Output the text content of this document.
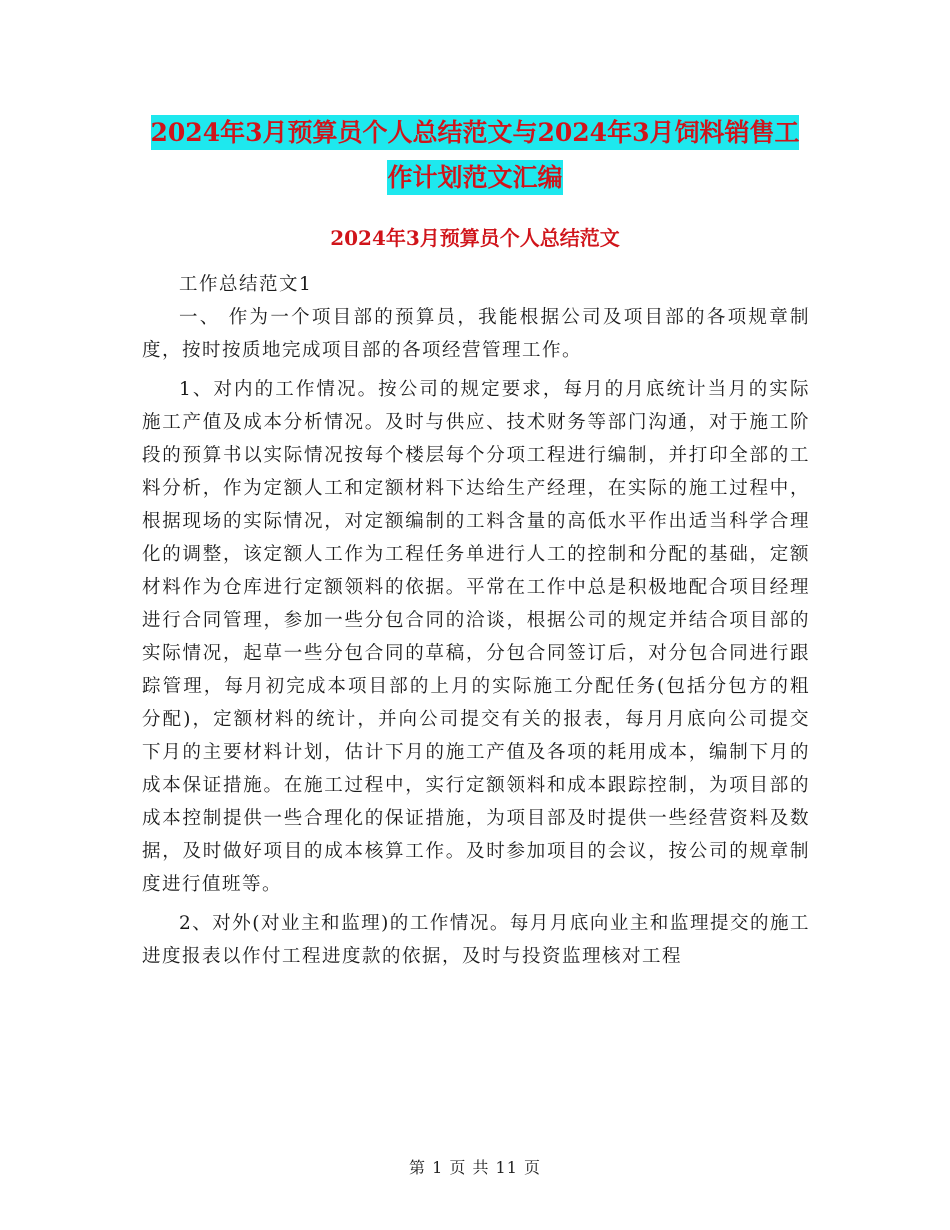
2024年3月预算员个人总结范文与2024年3月饲料销售工作计划范文汇编
2024年3月预算员个人总结范文

工作总结范文1

一、 作为一个项目部的预算员，我能根据公司及项目部的各项规章制度，按时按质地完成项目部的各项经营管理工作。

1、对内的工作情况。按公司的规定要求，每月的月底统计当月的实际施工产值及成本分析情况。及时与供应、技术财务等部门沟通，对于施工阶段的预算书以实际情况按每个楼层每个分项工程进行编制，并打印全部的工料分析，作为定额人工和定额材料下达给生产经理，在实际的施工过程中，根据现场的实际情况，对定额编制的工料含量的高低水平作出适当科学合理化的调整，该定额人工作为工程任务单进行人工的控制和分配的基础，定额材料作为仓库进行定额领料的依据。平常在工作中总是积极地配合项目经理进行合同管理，参加一些分包合同的洽谈，根据公司的规定并结合项目部的实际情况，起草一些分包合同的草稿，分包合同签订后，对分包合同进行跟踪管理，每月初完成本项目部的上月的实际施工分配任务(包括分包方的粗分配)，定额材料的统计，并向公司提交有关的报表，每月月底向公司提交下月的主要材料计划，估计下月的施工产值及各项的耗用成本，编制下月的成本保证措施。在施工过程中，实行定额领料和成本跟踪控制，为项目部的成本控制提供一些合理化的保证措施，为项目部及时提供一些经营资料及数据，及时做好项目的成本核算工作。及时参加项目的会议，按公司的规章制度进行值班等。

2、对外(对业主和监理)的工作情况。每月月底向业主和监理提交的施工进度报表以作付工程进度款的依据，及时与投资监理核对工程

第 1 页 共 11 页
